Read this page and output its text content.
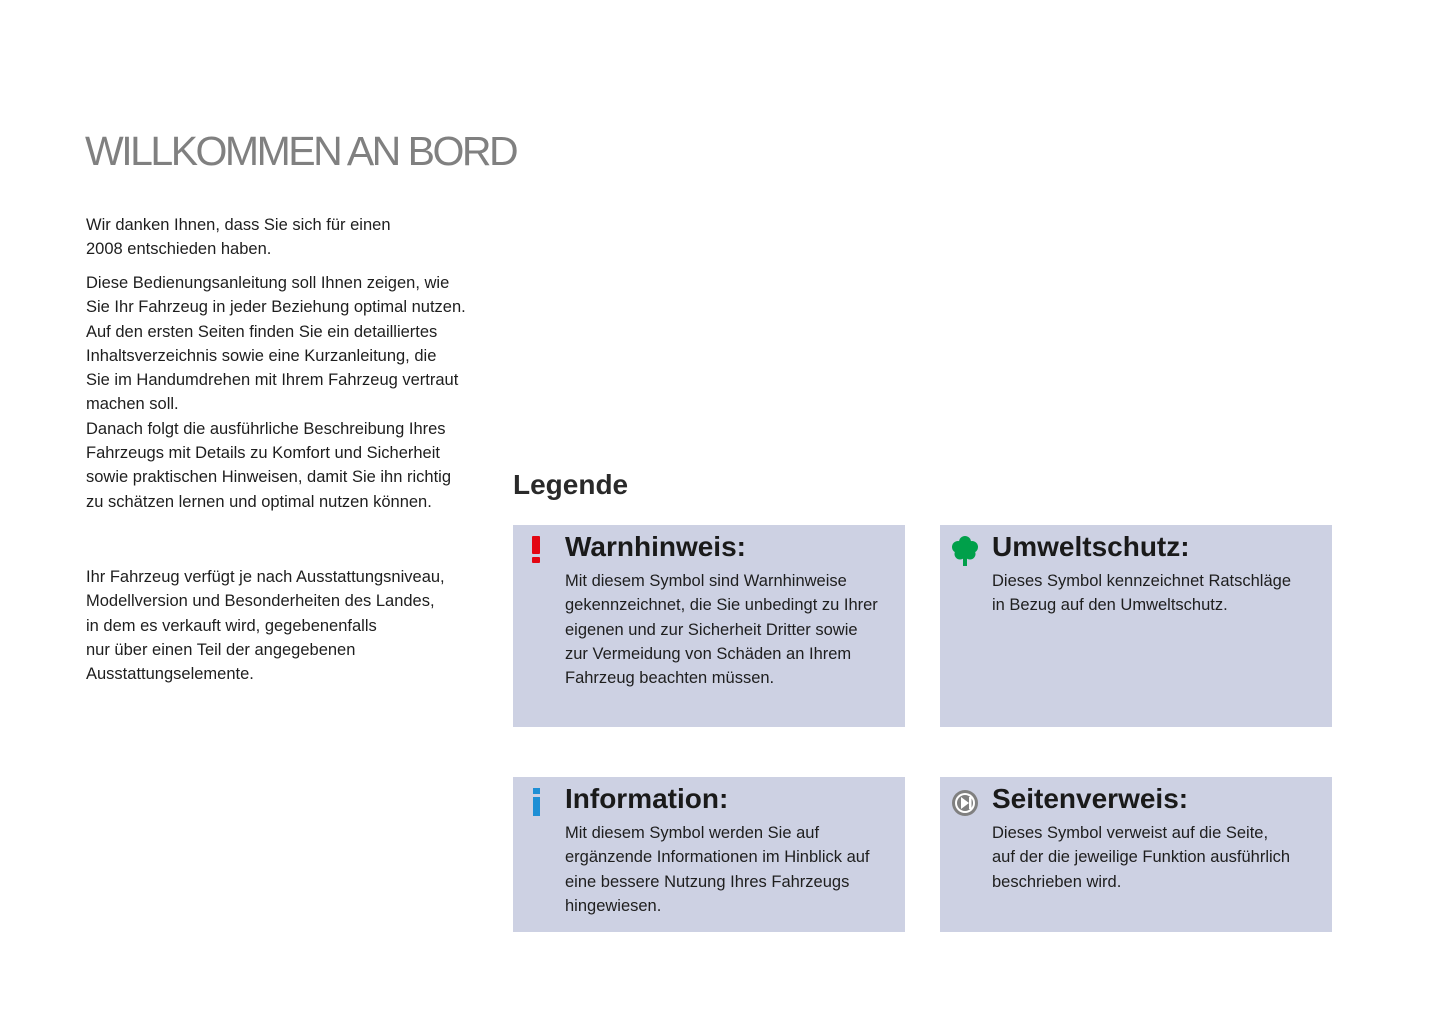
WILLKOMMEN AN BORD

Wir danken Ihnen, dass Sie sich für einen
2008 entschieden haben.

Diese Bedienungsanleitung soll Ihnen zeigen, wie
Sie Ihr Fahrzeug in jeder Beziehung optimal nutzen.
Auf den ersten Seiten finden Sie ein detailliertes
Inhaltsverzeichnis sowie eine Kurzanleitung, die
Sie im Handumdrehen mit Ihrem Fahrzeug vertraut
machen soll.
Danach folgt die ausführliche Beschreibung Ihres
Fahrzeugs mit Details zu Komfort und Sicherheit
sowie praktischen Hinweisen, damit Sie ihn richtig
zu schätzen lernen und optimal nutzen können.

Ihr Fahrzeug verfügt je nach Ausstattungsniveau,
Modellversion und Besonderheiten des Landes,
in dem es verkauft wird, gegebenenfalls
nur über einen Teil der angegebenen
Ausstattungselemente.

Legende
Warnhinweis:
Mit diesem Symbol sind Warnhinweise
gekennzeichnet, die Sie unbedingt zu Ihrer
eigenen und zur Sicherheit Dritter sowie
zur Vermeidung von Schäden an Ihrem
Fahrzeug beachten müssen.
Umweltschutz:
Dieses Symbol kennzeichnet Ratschläge
in Bezug auf den Umweltschutz.
Information:
Mit diesem Symbol werden Sie auf
ergänzende Informationen im Hinblick auf
eine bessere Nutzung Ihres Fahrzeugs
hingewiesen.
Seitenverweis:
Dieses Symbol verweist auf die Seite,
auf der die jeweilige Funktion ausführlich
beschrieben wird.
